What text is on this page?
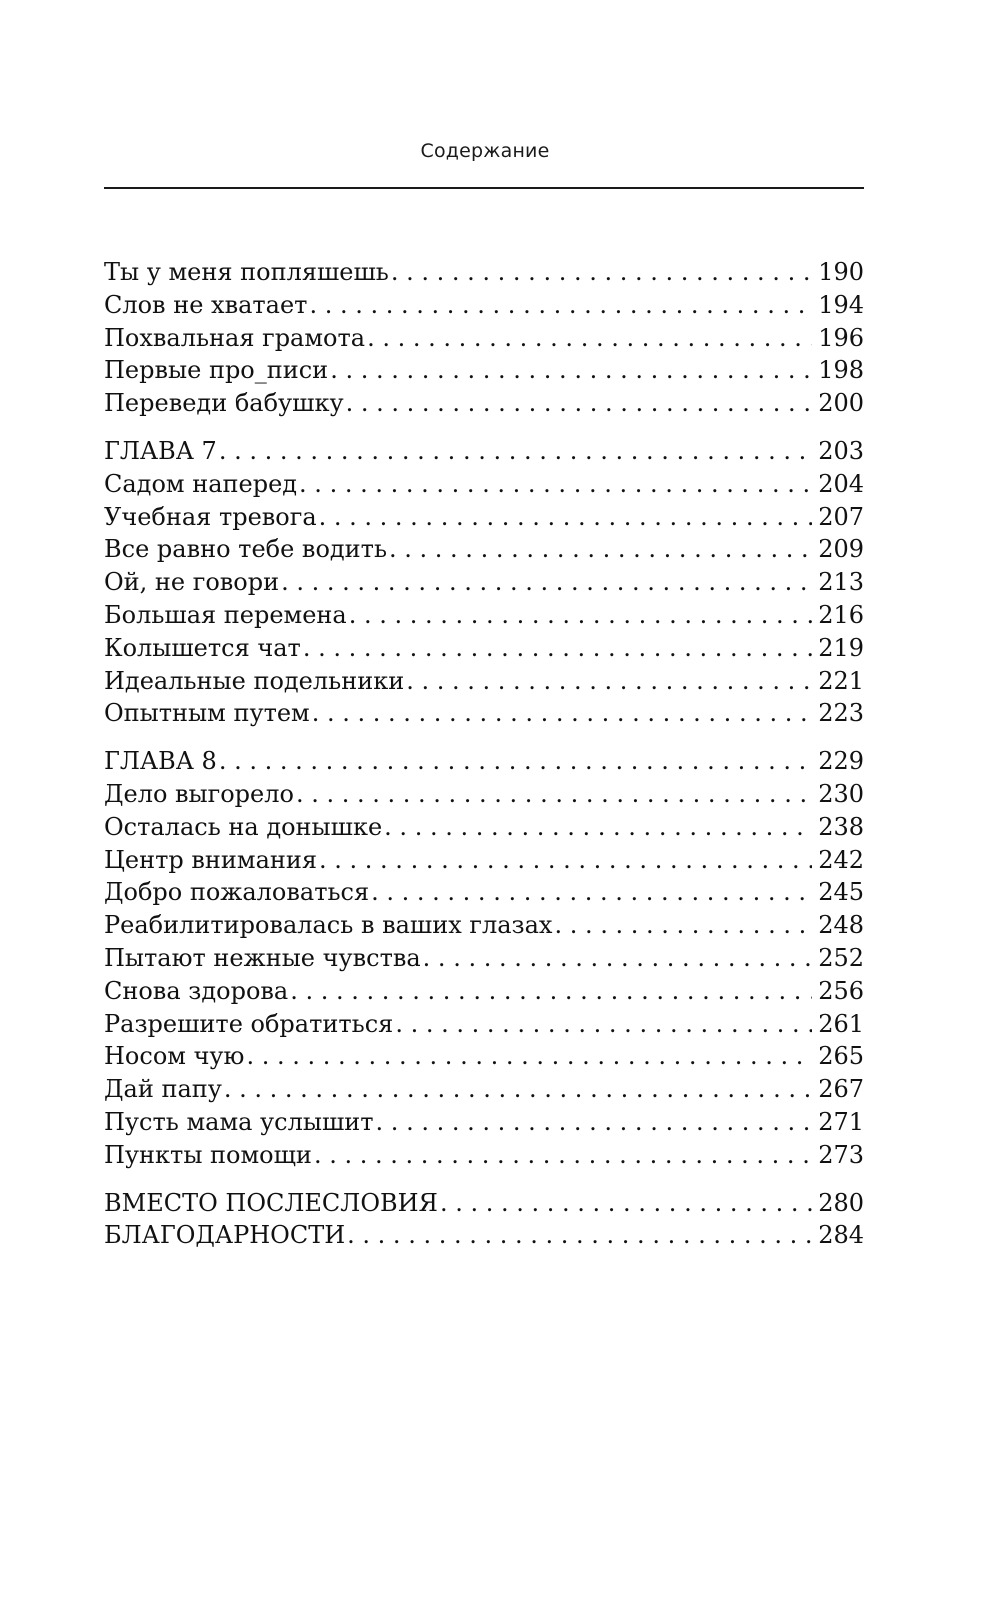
Содержание
Ты у меня попляшешь . . .	190
Слов не хватает . . .	194
Похвальная грамота . . .	196
Первые про_писи . . .	198
Переведи бабушку . . .	200
ГЛАВА 7 . . .	203
Садом наперед . . .	204
Учебная тревога . . .	207
Все равно тебе водить . . .	209
Ой, не говори . . .	213
Большая перемена . . .	216
Колышется чат . . .	219
Идеальные подельники . . .	221
Опытным путем . . .	223
ГЛАВА 8 . . .	229
Дело выгорело . . .	230
Осталась на донышке . . .	238
Центр внимания . . .	242
Добро пожаловаться . . .	245
Реабилитировалась в ваших глазах . . .	248
Пытают нежные чувства . . .	252
Снова здорова . . .	256
Разрешите обратиться . . .	261
Носом чую . . .	265
Дай папу . . .	267
Пусть мама услышит . . .	271
Пункты помощи . . .	273
ВМЕСТО ПОСЛЕСЛОВИЯ . . .	280
БЛАГОДАРНОСТИ . . .	284
